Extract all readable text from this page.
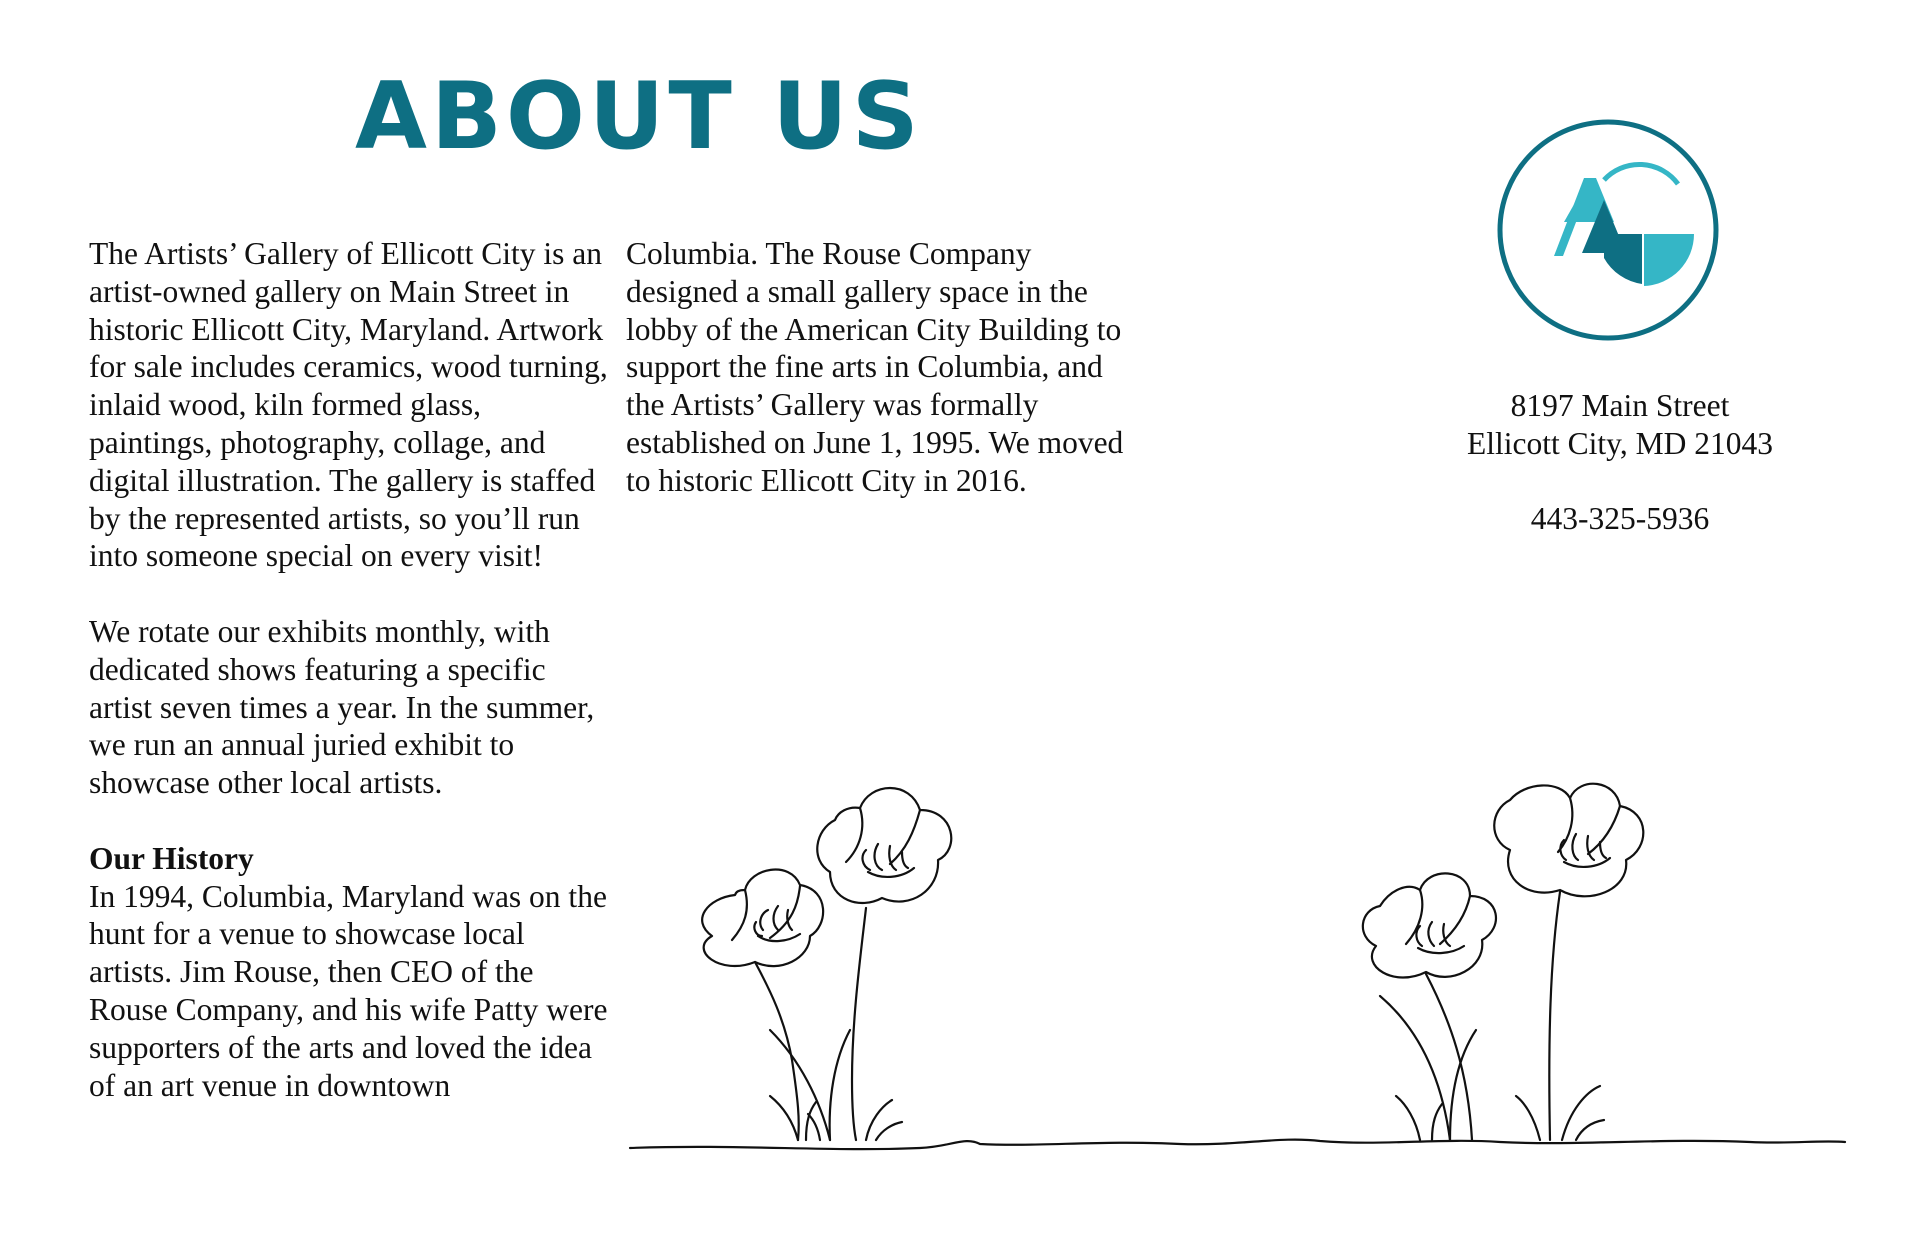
ABOUT US

The Artists’ Gallery of Ellicott City is an artist-owned gallery on Main Street in historic Ellicott City, Maryland. Artwork for sale includes ceramics, wood turning, inlaid wood, kiln formed glass, paintings, photography, collage, and digital illustration. The gallery is staffed by the represented artists, so you’ll run into someone special on every visit!

We rotate our exhibits monthly, with dedicated shows featuring a specific artist seven times a year. In the summer, we run an annual juried exhibit to showcase other local artists.

Our History
In 1994, Columbia, Maryland was on the hunt for a venue to showcase local artists. Jim Rouse, then CEO of the Rouse Company, and his wife Patty were supporters of the arts and loved the idea of an art venue in downtown

Columbia. The Rouse Company designed a small gallery space in the lobby of the American City Building to support the fine arts in Columbia, and the Artists’ Gallery was formally established on June 1, 1995. We moved to historic Ellicott City in 2016.

8197 Main Street
Ellicott City, MD 21043
443-325-5936
